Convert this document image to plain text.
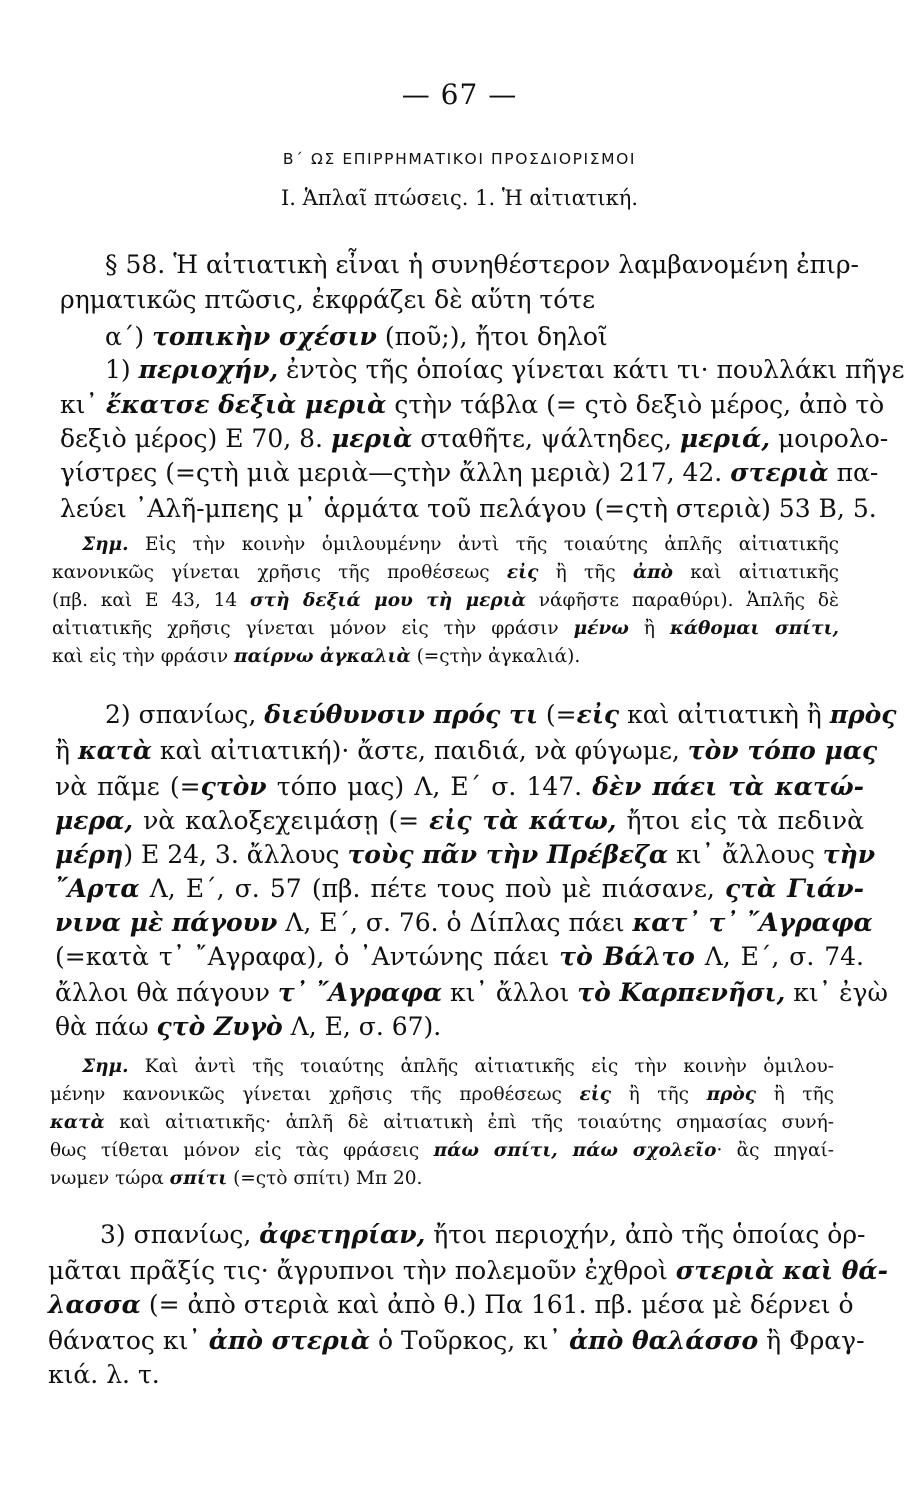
— 67 —
Β΄ ΩΣ ΕΠΙΡΡΗΜΑΤΙΚΟΙ ΠΡΟΣΔΙΟΡΙΣΜΟΙ
I. Ἁπλαῖ πτώσεις. 1. Ἡ αἰτιατική.
§ 58. Ἡ αἰτιατικὴ εἶναι ἡ συνηθέστερον λαμβανομένη ἐπιρ-
ρηματικῶς πτῶσις, ἐκφράζει δὲ αὕτη τότε
α΄) τοπικὴν σχέσιν (ποῦ;), ἤτοι δηλοῖ
1) περιοχήν, ἐντὸς τῆς ὁποίας γίνεται κάτι τι· πουλλάκι πῆγε
κι᾽ ἔκατσε δεξιὰ μεριὰ ςτὴν τάβλα (= ςτὸ δεξιὸ μέρος, ἀπὸ τὸ
δεξιὸ μέρος) Ε 70, 8. μεριὰ σταθῆτε, ψάλτηδες, μεριά, μοιρολο-
γίστρες (=ςτὴ μιὰ μεριὰ—ςτὴν ἄλλη μεριὰ) 217, 42. στεριὰ πα-
λεύει ᾽Αλῆ-μπεης μ᾽ ἁρμάτα τοῦ πελάγου (=ςτὴ στεριὰ) 53 Β, 5.
Σημ. Εἰς τὴν κοινὴν ὁμιλουμένην ἀντὶ τῆς τοιαύτης ἁπλῆς αἰτιατικῆς
κανονικῶς γίνεται χρῆσις τῆς προθέσεως εἰς ἢ τῆς ἀπὸ καὶ αἰτιατικῆς
(πβ. καὶ Ε 43, 14 στὴ δεξιά μου τὴ μεριὰ νάφῆστε παραθύρι). Ἁπλῆς δὲ
αἰτιατικῆς χρῆσις γίνεται μόνον εἰς τὴν φράσιν μένω ἢ κάθομαι σπίτι,
καὶ εἰς τὴν φράσιν παίρνω ἀγκαλιὰ (=ςτὴν ἀγκαλιά).
2) σπανίως, διεύθυνσιν πρός τι (=εἰς καὶ αἰτιατικὴ ἢ πρὸς
ἢ κατὰ καὶ αἰτιατική)· ἄστε, παιδιά, νὰ φύγωμε, τὸν τόπο μας
νὰ πᾶμε (=ςτὸν τόπο μας) Λ, Ε΄ σ. 147. δὲν πάει τὰ κατώ-
μερα, νὰ καλοξεχειμάσῃ (= εἰς τὰ κάτω, ἤτοι εἰς τὰ πεδινὰ
μέρη) Ε 24, 3. ἄλλους τοὺς πᾶν τὴν Πρέβεζα κι᾽ ἄλλους τὴν
῎Αρτα Λ, Ε΄, σ. 57 (πβ. πέτε τους ποὺ μὲ πιάσανε, ςτὰ Γιάν-
νινα μὲ πάγουν Λ, Ε΄, σ. 76. ὁ Δίπλας πάει κατ᾽ τ᾽ ῎Αγραφα
(=κατὰ τ᾽ ῎Αγραφα), ὁ ᾽Αντώνης πάει τὸ Βάλτο Λ, Ε΄, σ. 74.
ἄλλοι θὰ πάγουν τ᾽ ῎Αγραφα κι᾽ ἄλλοι τὸ Καρπενῆσι, κι᾽ ἐγὼ
θὰ πάω ςτὸ Ζυγὸ Λ, Ε, σ. 67).
Σημ. Καὶ ἀντὶ τῆς τοιαύτης ἁπλῆς αἰτιατικῆς εἰς τὴν κοινὴν ὁμιλου-
μένην κανονικῶς γίνεται χρῆσις τῆς προθέσεως εἰς ἢ τῆς πρὸς ἢ τῆς
κατὰ καὶ αἰτιατικῆς· ἁπλῆ δὲ αἰτιατικὴ ἐπὶ τῆς τοιαύτης σημασίας συνή-
θως τίθεται μόνον εἰς τὰς φράσεις πάω σπίτι, πάω σχολεῖο· ἂς πηγαί-
νωμεν τώρα σπίτι (=ςτὸ σπίτι) Μπ 20.
3) σπανίως, ἀφετηρίαν, ἤτοι περιοχήν, ἀπὸ τῆς ὁποίας ὁρ-
μᾶται πρᾶξίς τις· ἄγρυπνοι τὴν πολεμοῦν ἐχθροὶ στεριὰ καὶ θά-
λασσα (= ἀπὸ στεριὰ καὶ ἀπὸ θ.) Πα 161. πβ. μέσα μὲ δέρνει ὁ
θάνατος κι᾽ ἀπὸ στεριὰ ὁ Τοῦρκος, κι᾽ ἀπὸ θαλάσσο ἢ Φραγ-
κιά. λ. τ.
